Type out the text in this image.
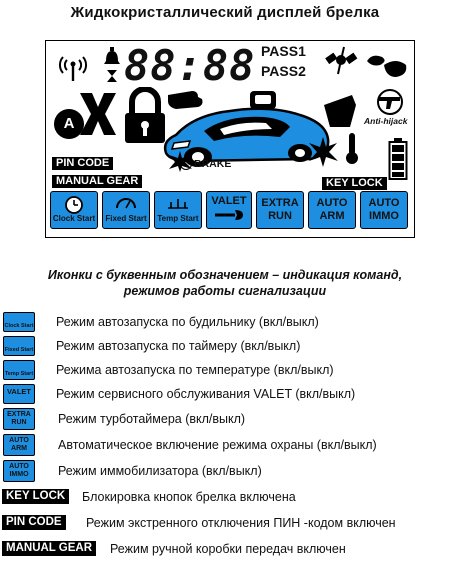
Жидкокристаллический дисплей брелка
88:88 PASS1
PASS2
A	Anti-hijack
BRAKE
PIN CODE
MANUAL GEAR	KEY LOCK
Clock Start Fixed Start Temp Start
VALET	EXTRA
RUN
AUTO
ARM
AUTO
IMMO
Иконки с буквенным обозначением – индикация команд,
режимов работы сигнализации
Clock Start Режим автозапуска по будильнику (вкл/выкл)
Fixed Start Режим автозапуска по таймеру (вкл/выкл)
Temp Start Режима автозапуска по температуре (вкл/выкл)
VALET	Режим сервисного обслуживания VALET (вкл/выкл)
EXTRA RUN	Режим турботаймера (вкл/выкл)
AUTO ARM	Автоматическое включение режима охраны (вкл/выкл)
AUTO IMMO	Режим иммобилизатора (вкл/выкл)
KEY LOCK	Блокировка кнопок брелка включена
PIN CODE	Режим экстренного отключения ПИН -кодом включен
MANUAL GEAR	Режим ручной коробки передач включен
